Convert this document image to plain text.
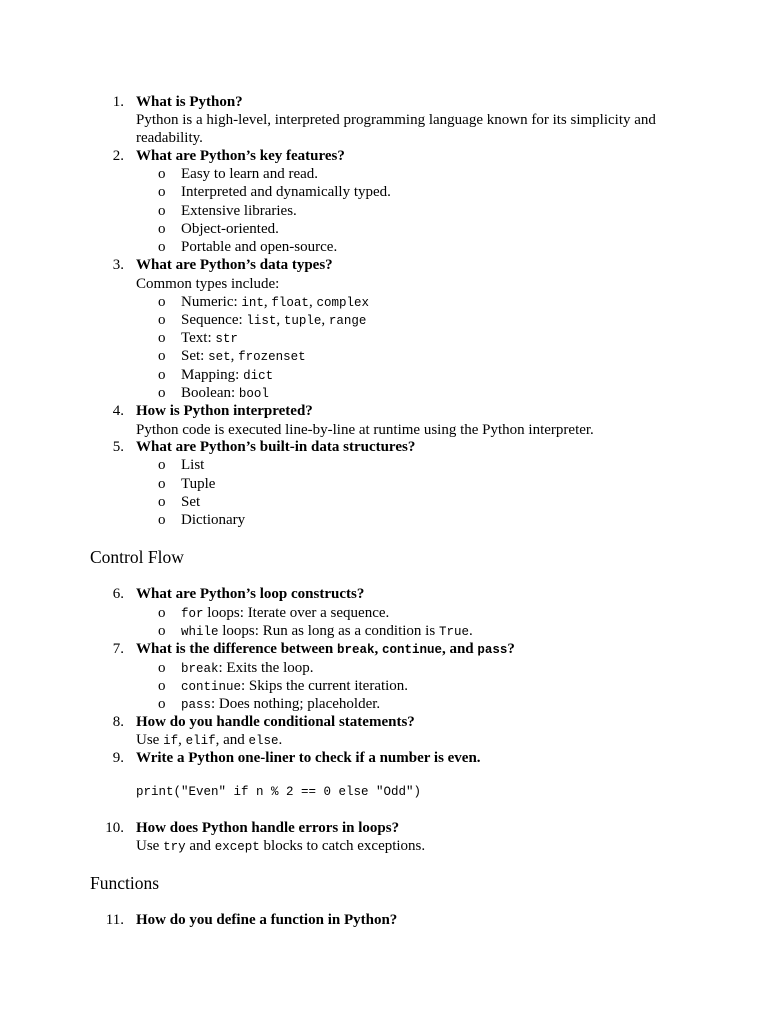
1. What is Python?
Python is a high-level, interpreted programming language known for its simplicity and
readability.
2. What are Python’s key features?
o Easy to learn and read.
o Interpreted and dynamically typed.
o Extensive libraries.
o Object-oriented.
o Portable and open-source.
3. What are Python’s data types?
Common types include:
o Numeric: int, float, complex
o Sequence: list, tuple, range
o Text: str
o Set: set, frozenset
o Mapping: dict
o Boolean: bool
4. How is Python interpreted?
Python code is executed line-by-line at runtime using the Python interpreter.
5. What are Python’s built-in data structures?
o List
o Tuple
o Set
o Dictionary
Control Flow
6. What are Python’s loop constructs?
o for loops: Iterate over a sequence.
o while loops: Run as long as a condition is True.
7. What is the difference between break, continue, and pass?
o break: Exits the loop.
o continue: Skips the current iteration.
o pass: Does nothing; placeholder.
8. How do you handle conditional statements?
Use if, elif, and else.
9. Write a Python one-liner to check if a number is even.
print("Even" if n % 2 == 0 else "Odd")
10. How does Python handle errors in loops?
Use try and except blocks to catch exceptions.
Functions
11. How do you define a function in Python?
